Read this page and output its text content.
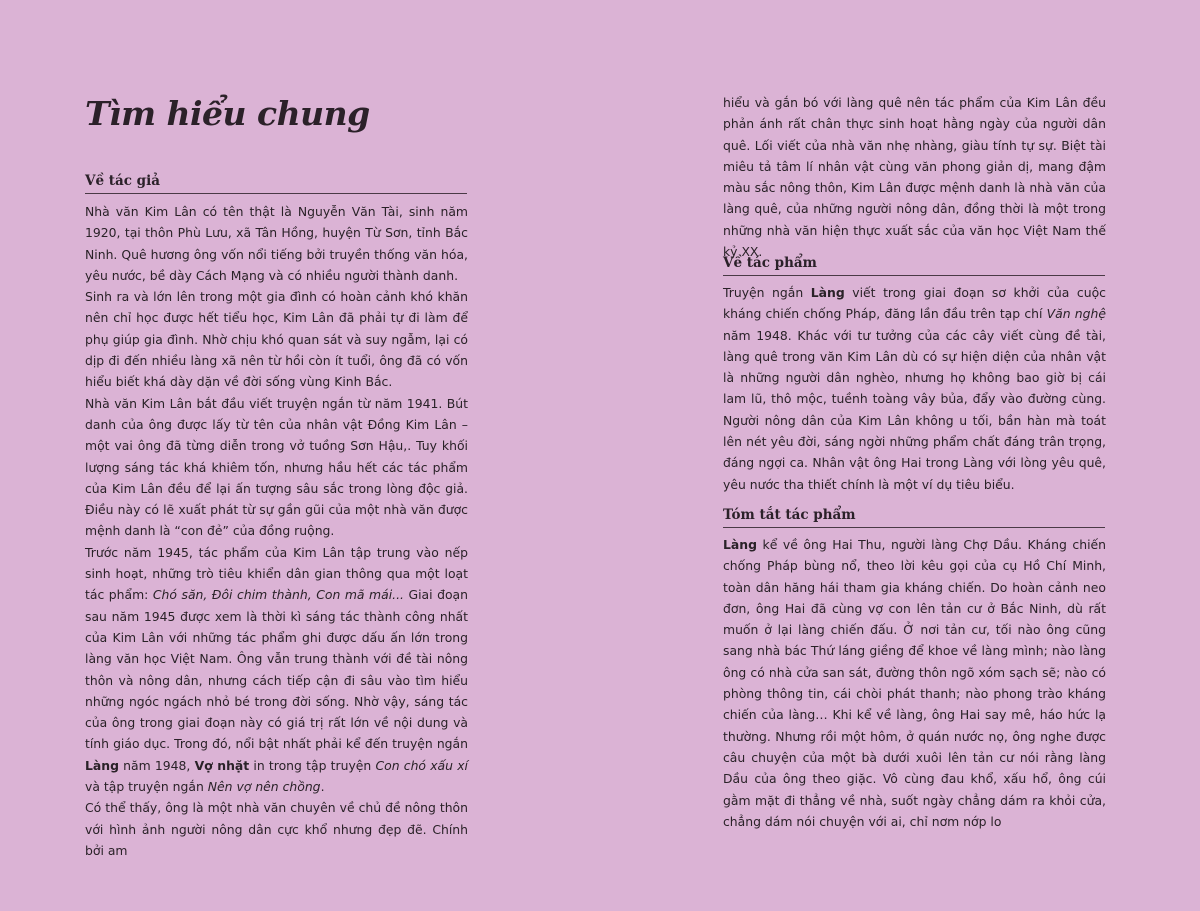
Tìm hiểu chung
Về tác giả

Nhà văn Kim Lân có tên thật là Nguyễn Văn Tài, sinh năm 1920, tại thôn Phù Lưu, xã Tân Hồng, huyện Từ Sơn, tỉnh Bắc Ninh. Quê hương ông vốn nổi tiếng bởi truyền thống văn hóa, yêu nước, bề dày Cách Mạng và có nhiều người thành danh.

Sinh ra và lớn lên trong một gia đình có hoàn cảnh khó khăn nên chỉ học được hết tiểu học, Kim Lân đã phải tự đi làm để phụ giúp gia đình. Nhờ chịu khó quan sát và suy ngẫm, lại có dịp đi đến nhiều làng xã nên từ hồi còn ít tuổi, ông đã có vốn hiểu biết khá dày dặn về đời sống vùng Kinh Bắc.

Nhà văn Kim Lân bắt đầu viết truyện ngắn từ năm 1941. Bút danh của ông được lấy từ tên của nhân vật Đồng Kim Lân – một vai ông đã từng diễn trong vở tuồng Sơn Hậu,. Tuy khối lượng sáng tác khá khiêm tốn, nhưng hầu hết các tác phẩm của Kim Lân đều để lại ấn tượng sâu sắc trong lòng độc giả. Điều này có lẽ xuất phát từ sự gần gũi của một nhà văn được mệnh danh là “con đẻ” của đồng ruộng.

Trước năm 1945, tác phẩm của Kim Lân tập trung vào nếp sinh hoạt, những trò tiêu khiển dân gian thông qua một loạt tác phẩm: Chó săn, Đôi chim thành, Con mã mái... Giai đoạn sau năm 1945 được xem là thời kì sáng tác thành công nhất của Kim Lân với những tác phẩm ghi được dấu ấn lớn trong làng văn học Việt Nam. Ông vẫn trung thành với đề tài nông thôn và nông dân, nhưng cách tiếp cận đi sâu vào tìm hiểu những ngóc ngách nhỏ bé trong đời sống. Nhờ vậy, sáng tác của ông trong giai đoạn này có giá trị rất lớn về nội dung và tính giáo dục. Trong đó, nổi bật nhất phải kể đến truyện ngắn Làng năm 1948, Vợ nhặt in trong tập truyện Con chó xấu xí và tập truyện ngắn Nên vợ nên chồng.

Có thể thấy, ông là một nhà văn chuyên về chủ đề nông thôn với hình ảnh người nông dân cực khổ nhưng đẹp đẽ. Chính bởi am

hiểu và gắn bó với làng quê nên tác phẩm của Kim Lân đều phản ánh rất chân thực sinh hoạt hằng ngày của người dân quê. Lối viết của nhà văn nhẹ nhàng, giàu tính tự sự. Biệt tài miêu tả tâm lí nhân vật cùng văn phong giản dị, mang đậm màu sắc nông thôn, Kim Lân được mệnh danh là nhà văn của làng quê, của những người nông dân, đồng thời là một trong những nhà văn hiện thực xuất sắc của văn học Việt Nam thế kỷ XX.

Về tác phẩm

Truyện ngắn Làng viết trong giai đoạn sơ khởi của cuộc kháng chiến chống Pháp, đăng lần đầu trên tạp chí Văn nghệ năm 1948. Khác với tư tưởng của các cây viết cùng đề tài, làng quê trong văn Kim Lân dù có sự hiện diện của nhân vật là những người dân nghèo, nhưng họ không bao giờ bị cái lam lũ, thô mộc, tuềnh toàng vây bủa, đẩy vào đường cùng. Người nông dân của Kim Lân không u tối, bần hàn mà toát lên nét yêu đời, sáng ngời những phẩm chất đáng trân trọng, đáng ngợi ca. Nhân vật ông Hai trong Làng với lòng yêu quê, yêu nước tha thiết chính là một ví dụ tiêu biểu.

Tóm tắt tác phẩm

Làng kể về ông Hai Thu, người làng Chợ Dầu. Kháng chiến chống Pháp bùng nổ, theo lời kêu gọi của cụ Hồ Chí Minh, toàn dân hăng hái tham gia kháng chiến. Do hoàn cảnh neo đơn, ông Hai đã cùng vợ con lên tản cư ở Bắc Ninh, dù rất muốn ở lại làng chiến đấu. Ở nơi tản cư, tối nào ông cũng sang nhà bác Thứ láng giềng để khoe về làng mình; nào làng ông có nhà cửa san sát, đường thôn ngõ xóm sạch sẽ; nào có phòng thông tin, cái chòi phát thanh; nào phong trào kháng chiến của làng… Khi kể về làng, ông Hai say mê, háo hức lạ thường. Nhưng rồi một hôm, ở quán nước nọ, ông nghe được câu chuyện của một bà dưới xuôi lên tản cư nói rằng làng Dầu của ông theo giặc. Vô cùng đau khổ, xấu hổ, ông cúi gằm mặt đi thẳng về nhà, suốt ngày chẳng dám ra khỏi cửa, chẳng dám nói chuyện với ai, chỉ nơm nớp lo
